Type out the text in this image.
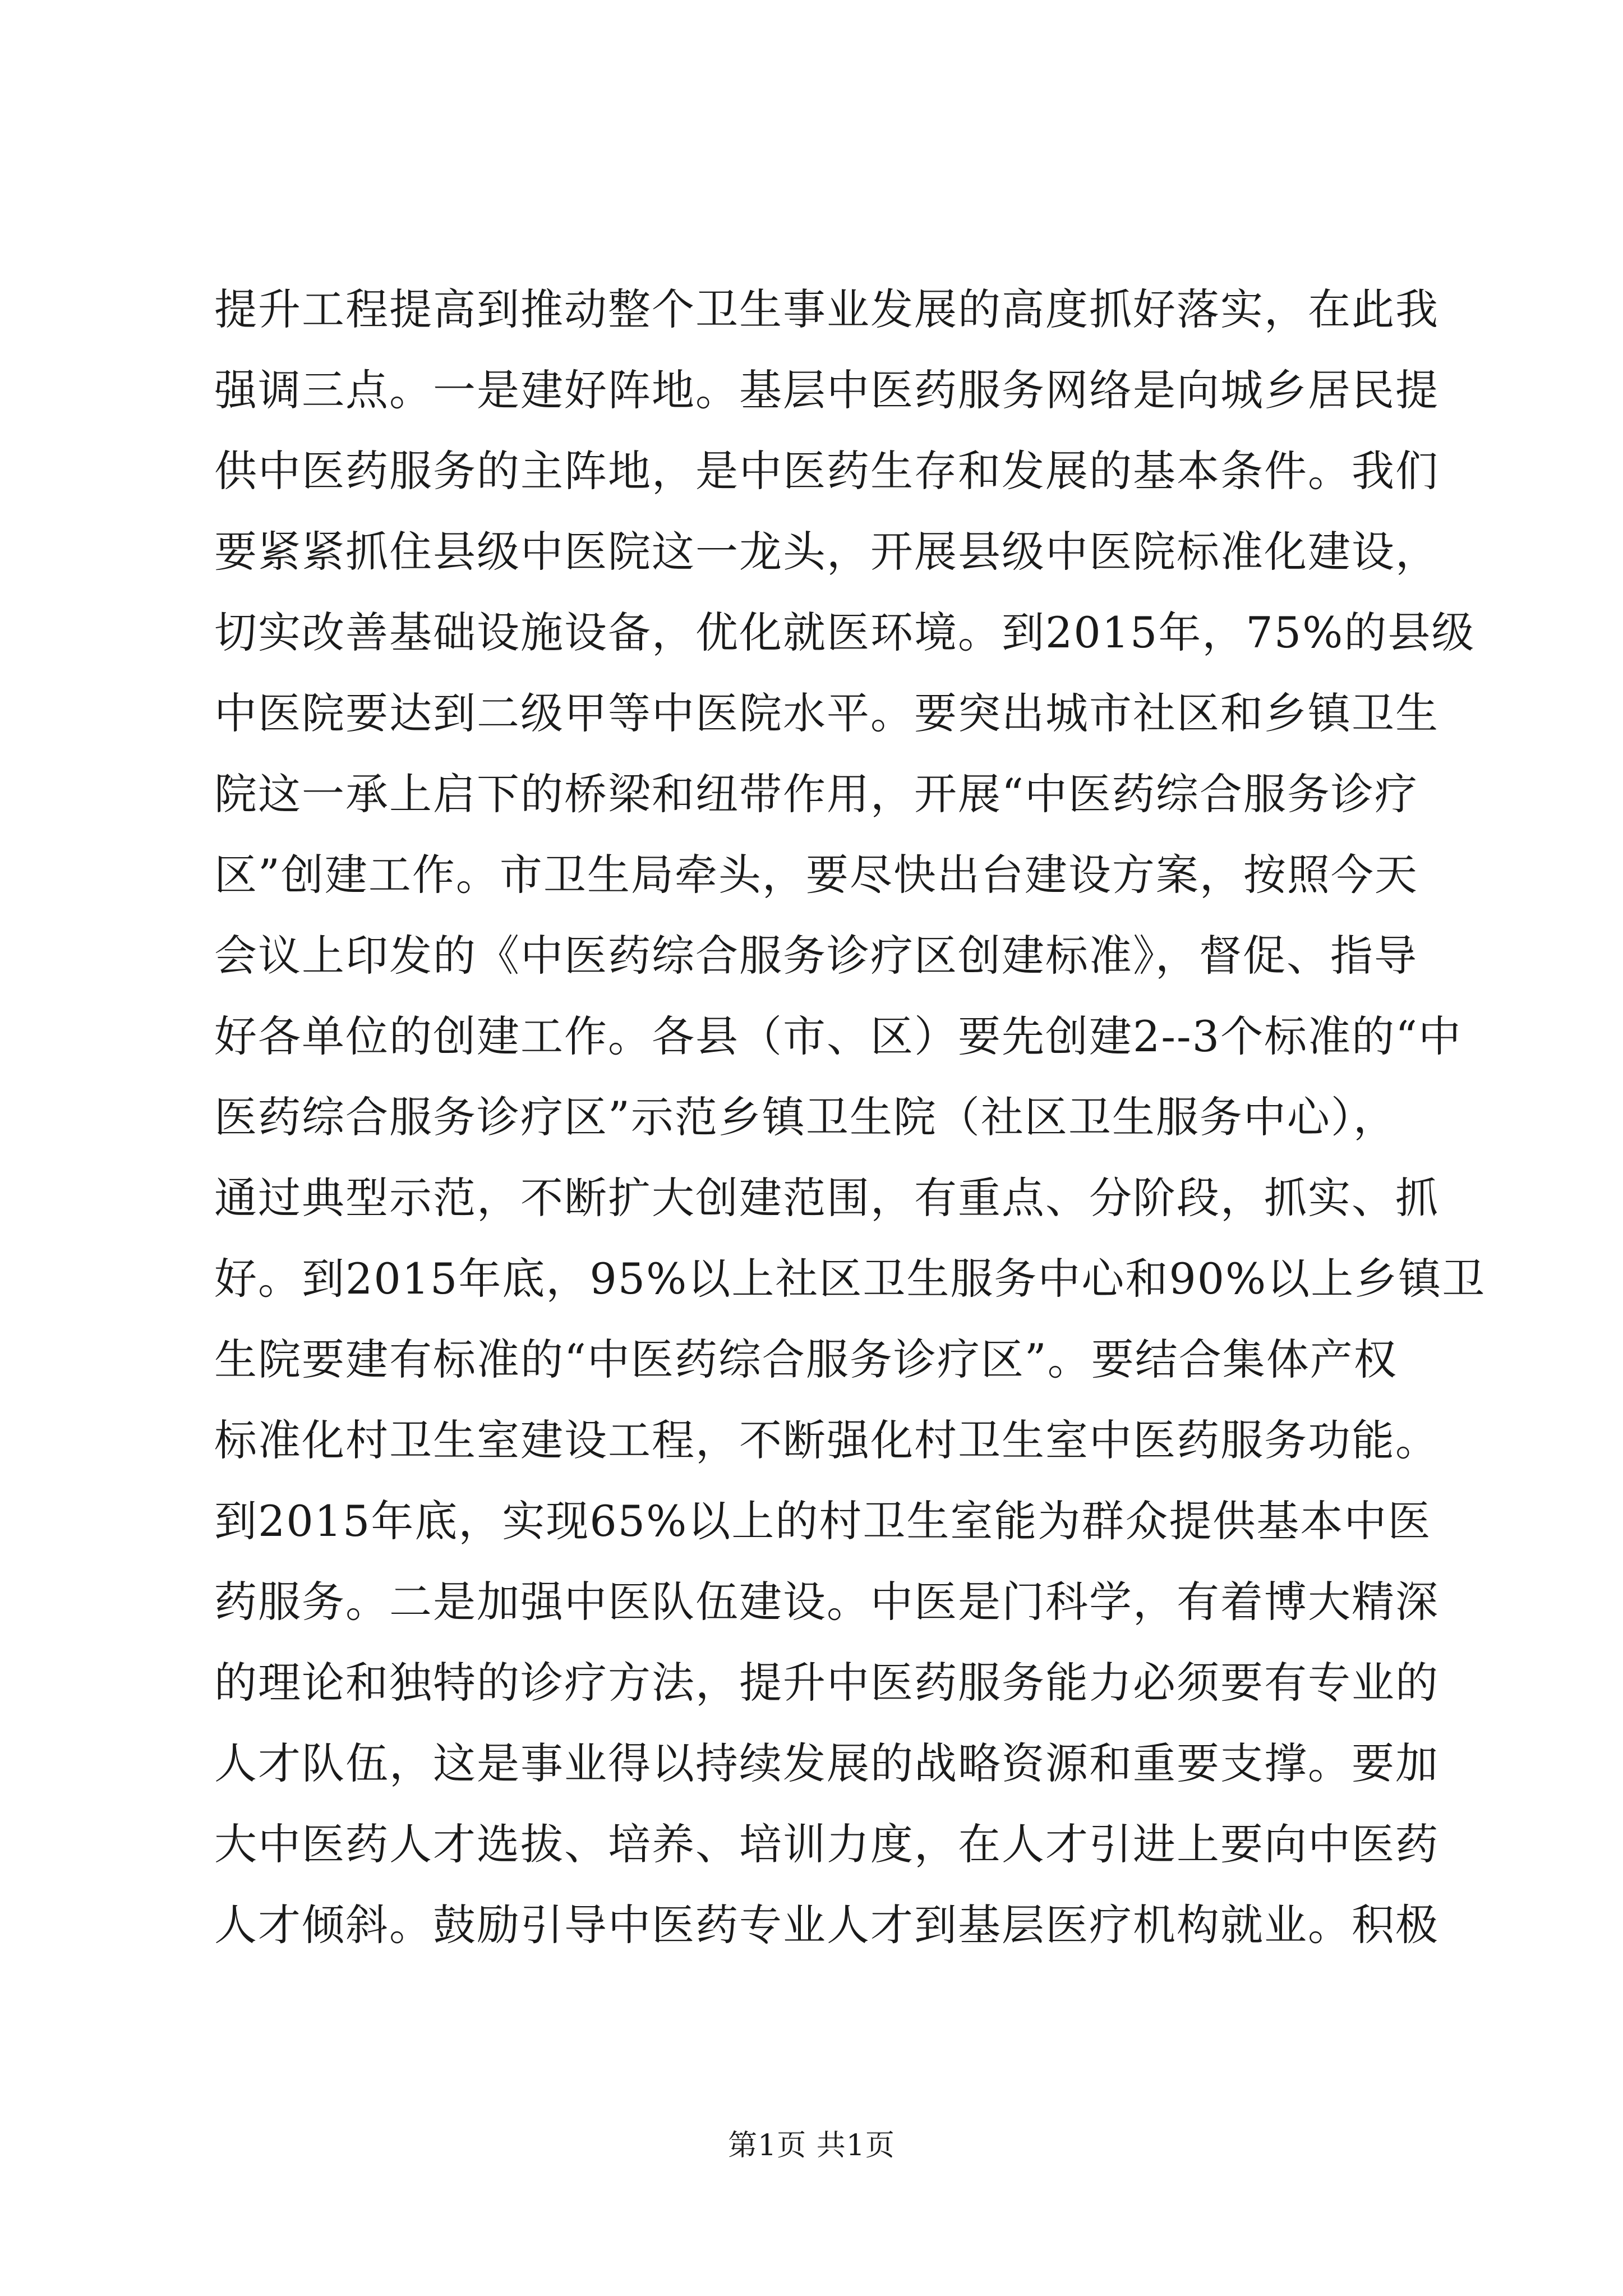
提升工程提高到推动整个卫生事业发展的高度抓好落实，在此我
强调三点。一是建好阵地。基层中医药服务网络是向城乡居民提
供中医药服务的主阵地，是中医药生存和发展的基本条件。我们
要紧紧抓住县级中医院这一龙头，开展县级中医院标准化建设，
切实改善基础设施设备，优化就医环境。到2015年，75%的县级
中医院要达到二级甲等中医院水平。要突出城市社区和乡镇卫生
院这一承上启下的桥梁和纽带作用，开展“中医药综合服务诊疗
区”创建工作。市卫生局牵头，要尽快出台建设方案，按照今天
会议上印发的《中医药综合服务诊疗区创建标准》，督促、指导
好各单位的创建工作。各县（市、区）要先创建2--3个标准的“中
医药综合服务诊疗区”示范乡镇卫生院（社区卫生服务中心），
通过典型示范，不断扩大创建范围，有重点、分阶段，抓实、抓
好。到2015年底，95%以上社区卫生服务中心和90%以上乡镇卫
生院要建有标准的“中医药综合服务诊疗区”。要结合集体产权
标准化村卫生室建设工程，不断强化村卫生室中医药服务功能。
到2015年底，实现65%以上的村卫生室能为群众提供基本中医
药服务。二是加强中医队伍建设。中医是门科学，有着博大精深
的理论和独特的诊疗方法，提升中医药服务能力必须要有专业的
人才队伍，这是事业得以持续发展的战略资源和重要支撑。要加
大中医药人才选拔、培养、培训力度，在人才引进上要向中医药
人才倾斜。鼓励引导中医药专业人才到基层医疗机构就业。积极
第1页 共1页
